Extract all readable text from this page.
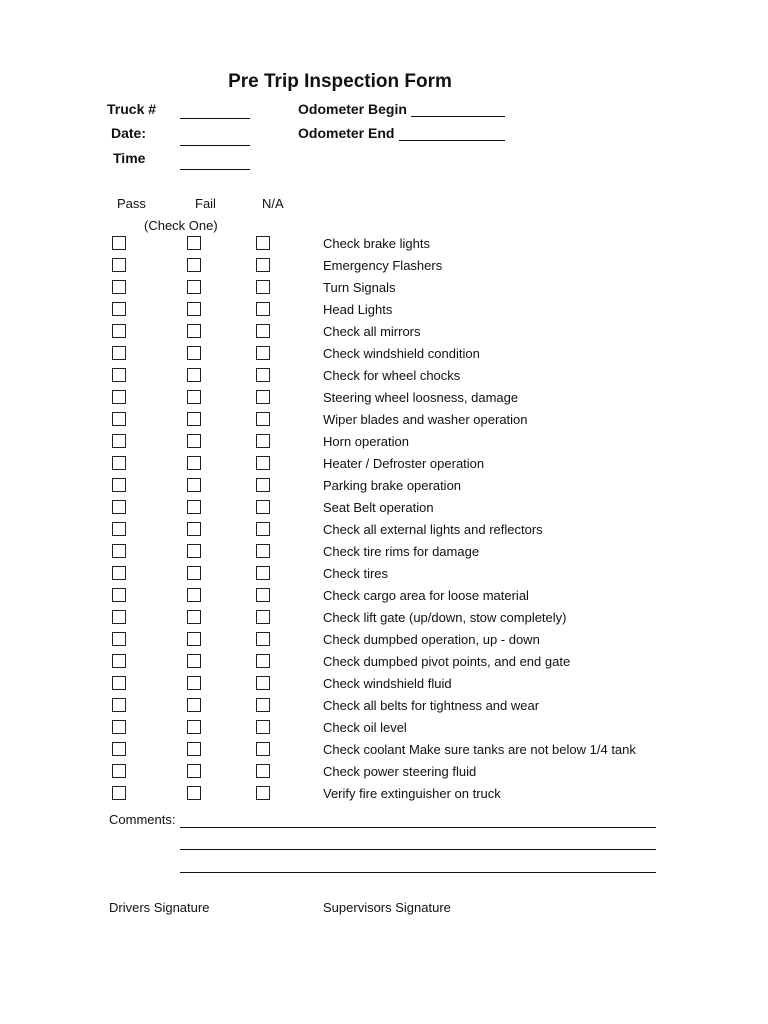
Pre Trip Inspection Form
Truck #
Date:
Time
Odometer Begin
Odometer End
Pass	Fail	N/A
(Check One)
Check brake lights
Emergency Flashers
Turn Signals
Head Lights
Check all mirrors
Check windshield condition
Check for wheel chocks
Steering wheel loosness, damage
Wiper blades and washer operation
Horn operation
Heater / Defroster operation
Parking brake operation
Seat Belt operation
Check all external lights and reflectors
Check tire rims for damage
Check tires
Check cargo area for loose material
Check lift gate (up/down, stow completely)
Check dumpbed operation, up - down
Check dumpbed pivot points, and end gate
Check windshield fluid
Check all belts for tightness and wear
Check oil level
Check coolant Make sure tanks are not below 1/4 tank
Check power steering fluid
Verify fire extinguisher on truck
Comments:
Drivers Signature	Supervisors Signature
